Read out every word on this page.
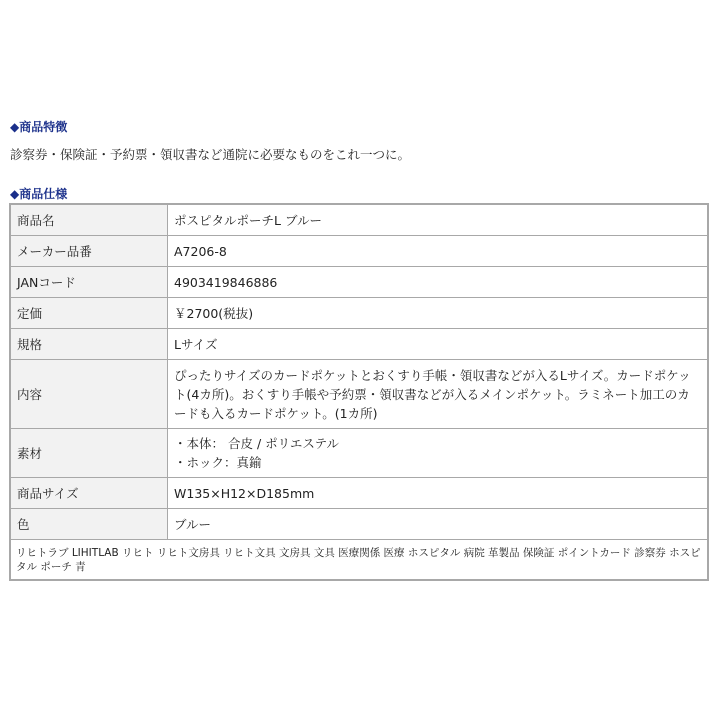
◆商品特徴

診察券・保険証・予約票・領収書など通院に必要なものをこれ一つに。

◆商品仕様
商品名	ポスピタルポーチL ブルー
メーカー品番	A7206-8
JANコード	4903419846886
定価	￥2700(税抜)
規格	Lサイズ
内容	ぴったりサイズのカードポケットとおくすり手帳・領収書などが入るLサイズ。カードポケット(4カ所)。おくすり手帳や予約票・領収書などが入るメインポケット。ラミネート加工のカードも入るカードポケット。(1カ所)
素材	・本体： 合皮 / ポリエステル
・ホック：真鍮

商品サイズ	W135×H12×D185mm
色	ブルー
リヒトラブ LIHITLAB リヒト リヒト文房具 リヒト文具 文房具 文具 医療関係 医療 ホスピタル 病院 革製品 保険証 ポイントカード 診察券 ホスピタル ポーチ 青	
